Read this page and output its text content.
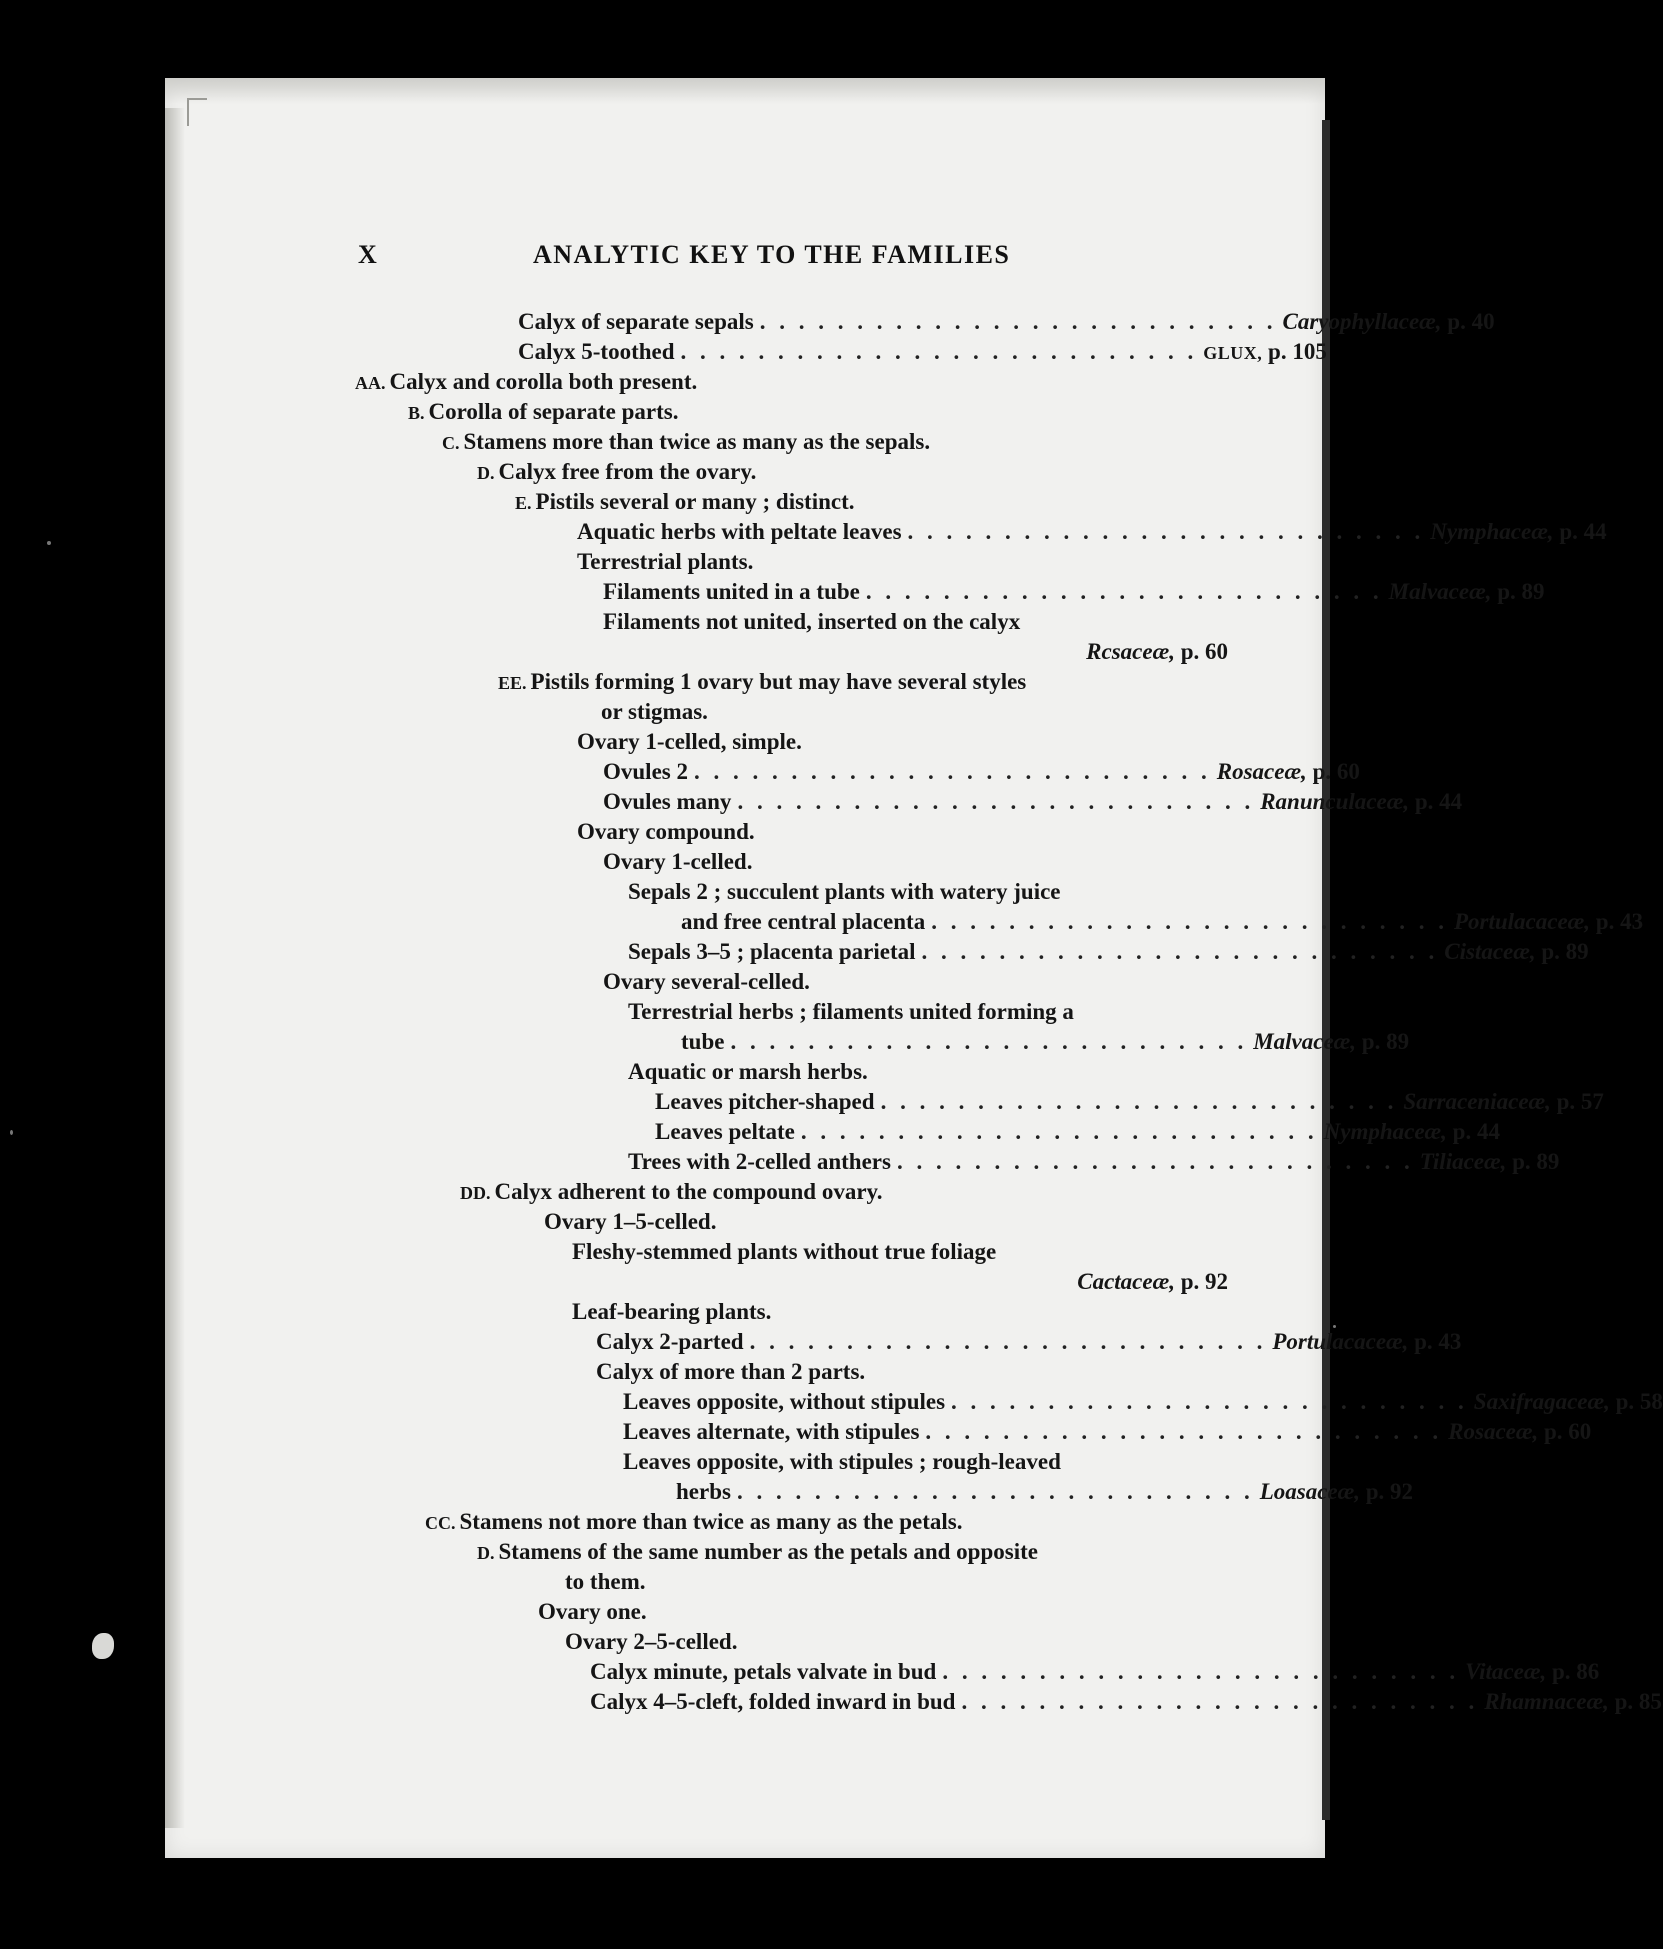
X	ANALYTIC KEY TO THE FAMILIES
Calyx of separate sepals . . . . . . . . . . . . . . . . . . . . . . . . . . . Caryophyllaceæ, p. 40
Calyx 5-toothed . . . . . . . . . . . . . . . . . . . . . . . . . . . GLUX, p. 105
AA. Calyx and corolla both present.
B. Corolla of separate parts.
C. Stamens more than twice as many as the sepals.
D. Calyx free from the ovary.
E. Pistils several or many ; distinct.
Aquatic herbs with peltate leaves . . . . . . . . . . . . . . . . . . . . . . . . . . . Nymphaceæ, p. 44
Terrestrial plants.
Filaments united in a tube . . . . . . . . . . . . . . . . . . . . . . . . . . . Malvaceæ, p. 89
Filaments not united, inserted on the calyx
Rcsaceæ, p. 60
EE. Pistils forming 1 ovary but may have several styles
or stigmas.
Ovary 1-celled, simple.
Ovules 2 . . . . . . . . . . . . . . . . . . . . . . . . . . . Rosaceæ, p. 60
Ovules many . . . . . . . . . . . . . . . . . . . . . . . . . . . Ranunculaceæ, p. 44
Ovary compound.
Ovary 1-celled.
Sepals 2 ; succulent plants with watery juice
and free central placenta . . . . . . . . . . . . . . . . . . . . . . . . . . . Portulacaceæ, p. 43
Sepals 3–5 ; placenta parietal . . . . . . . . . . . . . . . . . . . . . . . . . . . Cistaceæ, p. 89
Ovary several-celled.
Terrestrial herbs ; filaments united forming a
tube . . . . . . . . . . . . . . . . . . . . . . . . . . . Malvaceæ, p. 89
Aquatic or marsh herbs.
Leaves pitcher-shaped . . . . . . . . . . . . . . . . . . . . . . . . . . . Sarraceniaceæ, p. 57
Leaves peltate . . . . . . . . . . . . . . . . . . . . . . . . . . . Nymphaceæ, p. 44
Trees with 2-celled anthers . . . . . . . . . . . . . . . . . . . . . . . . . . . Tiliaceæ, p. 89
DD. Calyx adherent to the compound ovary.
Ovary 1–5-celled.
Fleshy-stemmed plants without true foliage
Cactaceæ, p. 92
Leaf-bearing plants.
Calyx 2-parted . . . . . . . . . . . . . . . . . . . . . . . . . . . Portulacaceæ, p. 43
Calyx of more than 2 parts.
Leaves opposite, without stipules . . . . . . . . . . . . . . . . . . . . . . . . . . . Saxifragaceæ, p. 58
Leaves alternate, with stipules . . . . . . . . . . . . . . . . . . . . . . . . . . . Rosaceæ, p. 60
Leaves opposite, with stipules ; rough-leaved
herbs . . . . . . . . . . . . . . . . . . . . . . . . . . . Loasaceæ, p. 92
CC. Stamens not more than twice as many as the petals.
D. Stamens of the same number as the petals and opposite
to them.
Ovary one.
Ovary 2–5-celled.
Calyx minute, petals valvate in bud . . . . . . . . . . . . . . . . . . . . . . . . . . . Vitaceæ, p. 86
Calyx 4–5-cleft, folded inward in bud . . . . . . . . . . . . . . . . . . . . . . . . . . . Rhamnaceæ, p. 85
